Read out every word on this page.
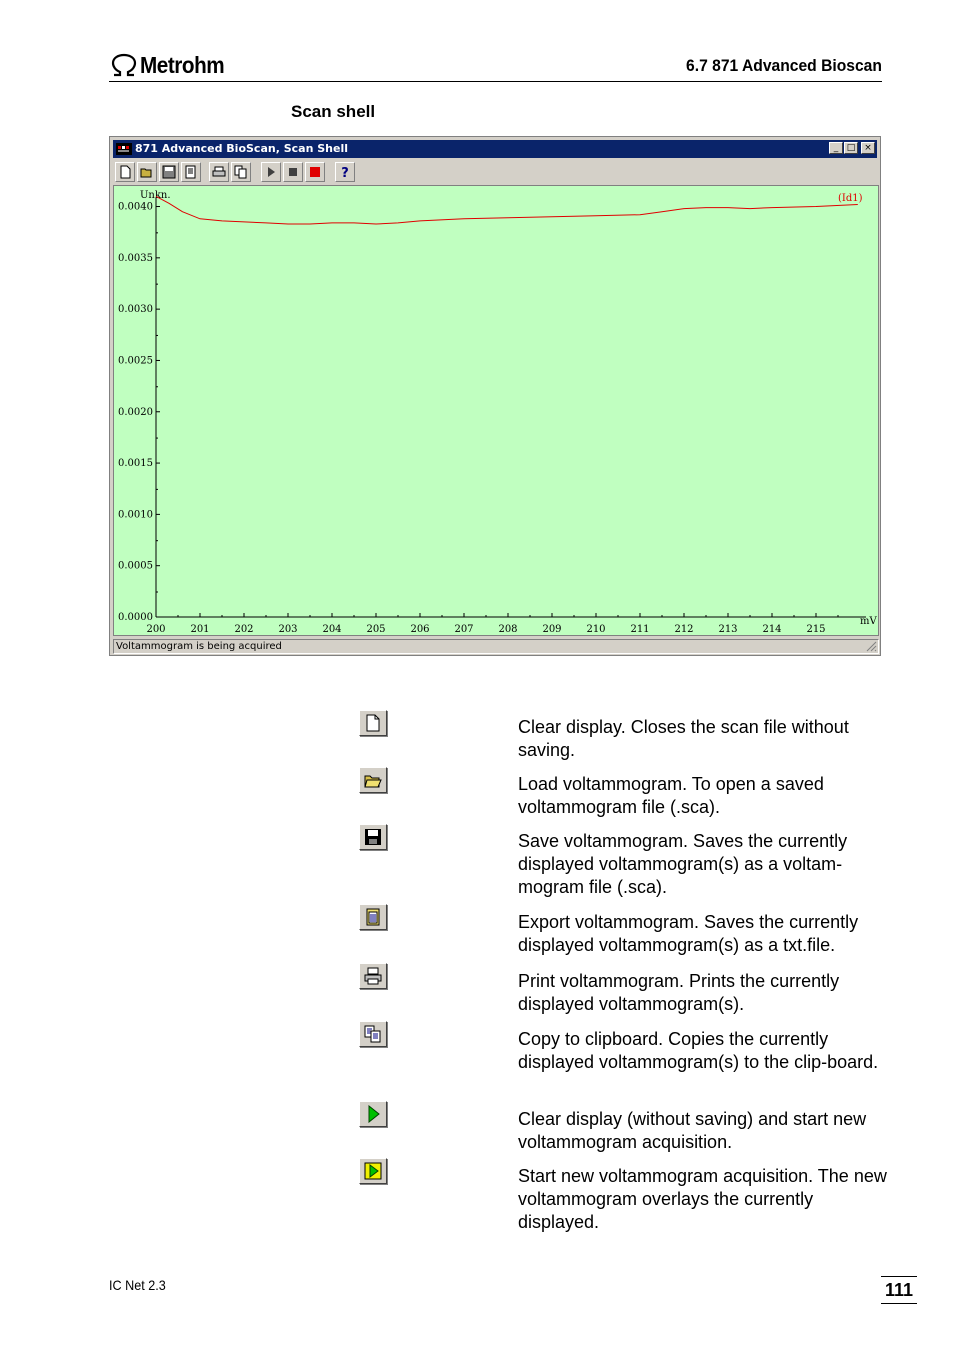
Metrohm	6.7 871 Advanced Bioscan
Scan shell
871 Advanced BioScan, Scan Shell	_ □ ×
?
Unkn.
mV
0.0000
0.0005
0.0010
0.0015
0.0020
0.0025
0.0030
0.0035
0.0040
200 201 202 203 204 205 206 207 208 209 210 211 212 213 214 215
(Id1)
Voltammogram is being acquired
Clear display. Closes the scan file without saving.
Load voltammogram. To open a saved voltammogram file (.sca).
Save voltammogram. Saves the currently displayed voltammogram(s) as a voltam-mogram file (.sca).
Export voltammogram. Saves the currently displayed voltammogram(s) as a txt.file.
Print voltammogram. Prints the currently displayed voltammogram(s).
Copy to clipboard. Copies the currently displayed voltammogram(s) to the clip-board.
Clear display (without saving) and start new voltammogram acquisition.
Start new voltammogram acquisition. The new voltammogram overlays the currently displayed.
IC Net 2.3	111
